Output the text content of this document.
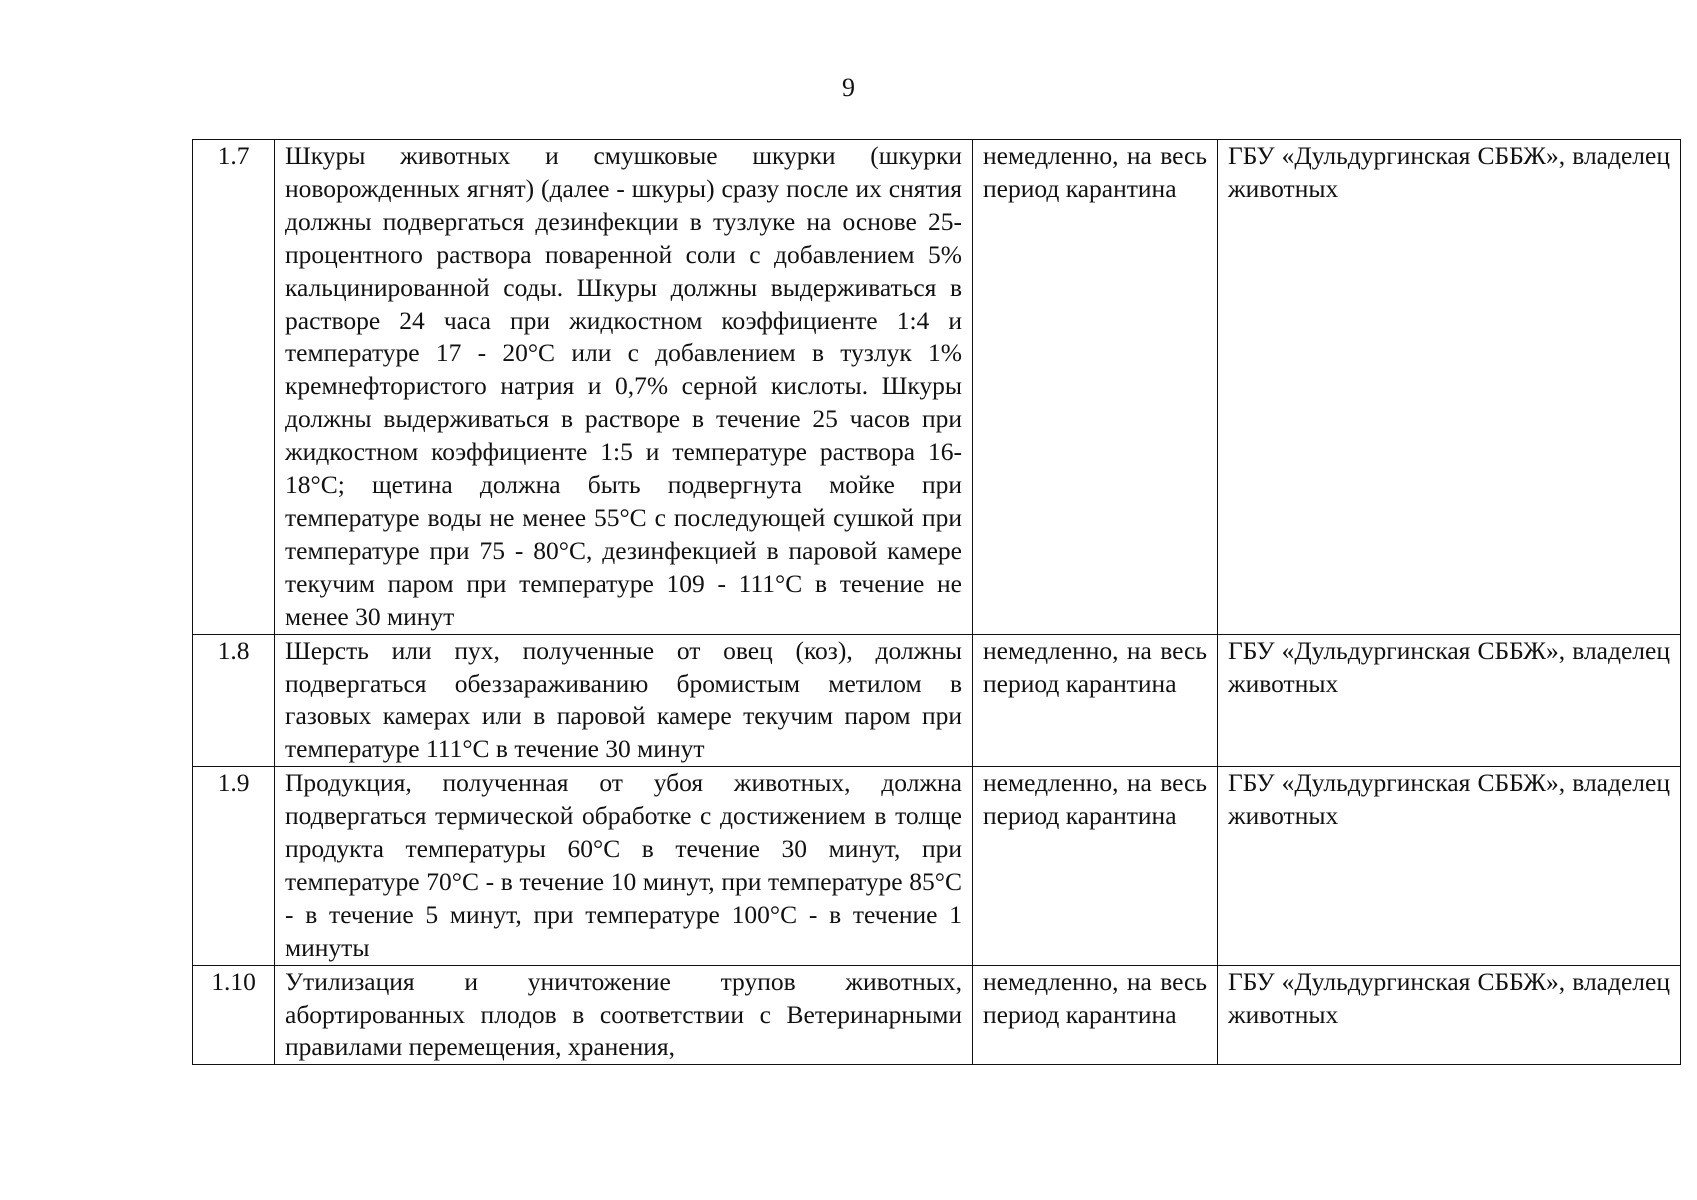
9
1.7	Шкуры животных и смушковые шкурки (шкурки новорожденных ягнят) (далее - шкуры) сразу после их снятия должны подвергаться дезинфекции в тузлуке на основе 25-процентного раствора поваренной соли с добавлением 5% кальцинированной соды. Шкуры должны выдерживаться в растворе 24 часа при жидкостном коэффициенте 1:4 и температуре 17 - 20°С или с добавлением в тузлук 1% кремнефтористого натрия и 0,7% серной кислоты. Шкуры должны выдерживаться в растворе в течение 25 часов при жидкостном коэффициенте 1:5 и температуре раствора 16-18°С; щетина должна быть подвергнута мойке при температуре воды не менее 55°С с последующей сушкой при температуре при 75 - 80°С, дезинфекцией в паровой камере текучим паром при температуре 109 - 111°С в течение не менее 30 минут	немедленно, на весь период карантина	ГБУ «Дульдургинская СББЖ», владелец животных
1.8	Шерсть или пух, полученные от овец (коз), должны подвергаться обеззараживанию бромистым метилом в газовых камерах или в паровой камере текучим паром при температуре 111°С в течение 30 минут	немедленно, на весь период карантина	ГБУ «Дульдургинская СББЖ», владелец животных
1.9	Продукция, полученная от убоя животных, должна подвергаться термической обработке с достижением в толще продукта температуры 60°С в течение 30 минут, при температуре 70°С - в течение 10 минут, при температуре 85°С - в течение 5 минут, при температуре 100°С - в течение 1 минуты	немедленно, на весь период карантина	ГБУ «Дульдургинская СББЖ», владелец животных
1.10	Утилизация и уничтожение трупов животных, абортированных плодов в соответствии с Ветеринарными правилами перемещения, хранения,	немедленно, на весь период карантина	ГБУ «Дульдургинская СББЖ», владелец животных
